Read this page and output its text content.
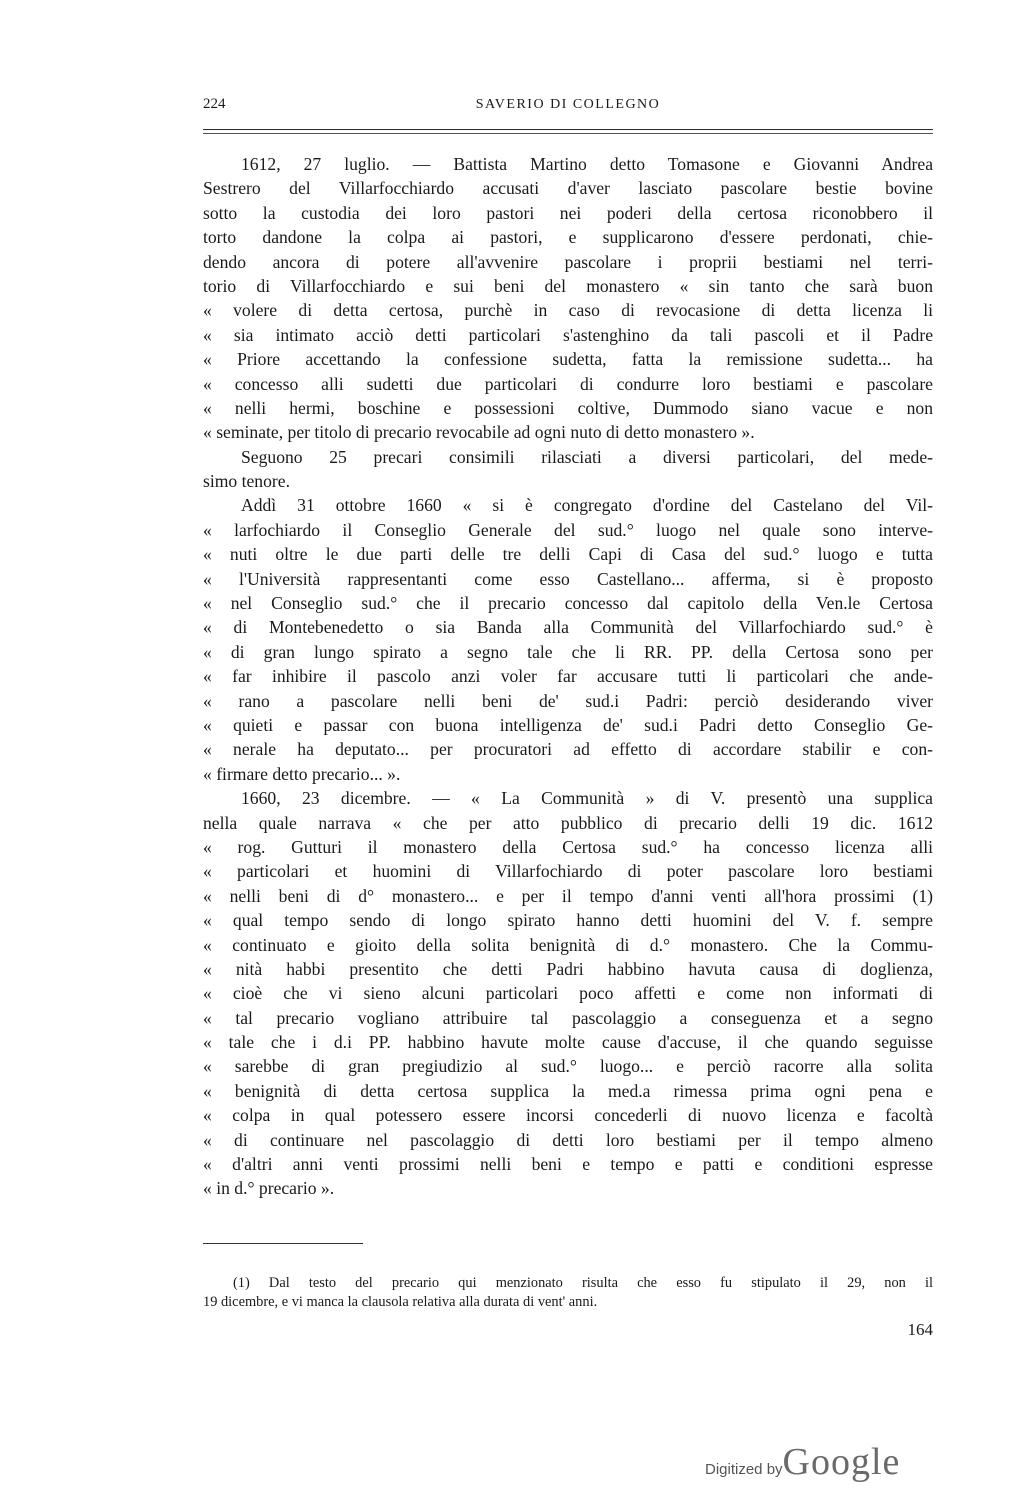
224	SAVERIO DI COLLEGNO
1612, 27 luglio. — Battista Martino detto Tomasone e Giovanni Andrea
Sestrero del Villarfocchiardo accusati d'aver lasciato pascolare bestie bovine
sotto la custodia dei loro pastori nei poderi della certosa riconobbero il
torto dandone la colpa ai pastori, e supplicarono d'essere perdonati, chie-
dendo ancora di potere all'avvenire pascolare i proprii bestiami nel terri-
torio di Villarfocchiardo e sui beni del monastero « sin tanto che sarà buon
« volere di detta certosa, purchè in caso di revocasione di detta licenza li
« sia intimato acciò detti particolari s'astenghino da tali pascoli et il Padre
« Priore accettando la confessione sudetta, fatta la remissione sudetta... ha
« concesso alli sudetti due particolari di condurre loro bestiami e pascolare
« nelli hermi, boschine e possessioni coltive, Dummodo siano vacue e non
« seminate, per titolo di precario revocabile ad ogni nuto di detto monastero ».
Seguono 25 precari consimili rilasciati a diversi particolari, del mede-
simo tenore.
Addì 31 ottobre 1660 « si è congregato d'ordine del Castelano del Vil-
« larfochiardo il Conseglio Generale del sud.° luogo nel quale sono interve-
« nuti oltre le due parti delle tre delli Capi di Casa del sud.° luogo e tutta
« l'Università rappresentanti come esso Castellano... afferma, si è proposto
« nel Conseglio sud.° che il precario concesso dal capitolo della Ven.le Certosa
« di Montebenedetto o sia Banda alla Communità del Villarfochiardo sud.° è
« di gran lungo spirato a segno tale che li RR. PP. della Certosa sono per
« far inhibire il pascolo anzi voler far accusare tutti li particolari che ande-
« rano a pascolare nelli beni de' sud.i Padri: perciò desiderando viver
« quieti e passar con buona intelligenza de' sud.i Padri detto Conseglio Ge-
« nerale ha deputato... per procuratori ad effetto di accordare stabilir e con-
« firmare detto precario... ».
1660, 23 dicembre. — « La Communità » di V. presentò una supplica
nella quale narrava « che per atto pubblico di precario delli 19 dic. 1612
« rog. Gutturi il monastero della Certosa sud.° ha concesso licenza alli
« particolari et huomini di Villarfochiardo di poter pascolare loro bestiami
« nelli beni di d° monastero... e per il tempo d'anni venti all'hora prossimi (1)
« qual tempo sendo di longo spirato hanno detti huomini del V. f. sempre
« continuato e gioito della solita benignità di d.° monastero. Che la Commu-
« nità habbi presentito che detti Padri habbino havuta causa di doglienza,
« cioè che vi sieno alcuni particolari poco affetti e come non informati di
« tal precario vogliano attribuire tal pascolaggio a conseguenza et a segno
« tale che i d.i PP. habbino havute molte cause d'accuse, il che quando seguisse
« sarebbe di gran pregiudizio al sud.° luogo... e perciò racorre alla solita
« benignità di detta certosa supplica la med.a rimessa prima ogni pena e
« colpa in qual potessero essere incorsi concederli di nuovo licenza e facoltà
« di continuare nel pascolaggio di detti loro bestiami per il tempo almeno
« d'altri anni venti prossimi nelli beni e tempo e patti e conditioni espresse
« in d.° precario ».
(1) Dal testo del precario qui menzionato risulta che esso fu stipulato il 29, non il
19 dicembre, e vi manca la clausola relativa alla durata di vent' anni.
164
Digitized byGoogle
